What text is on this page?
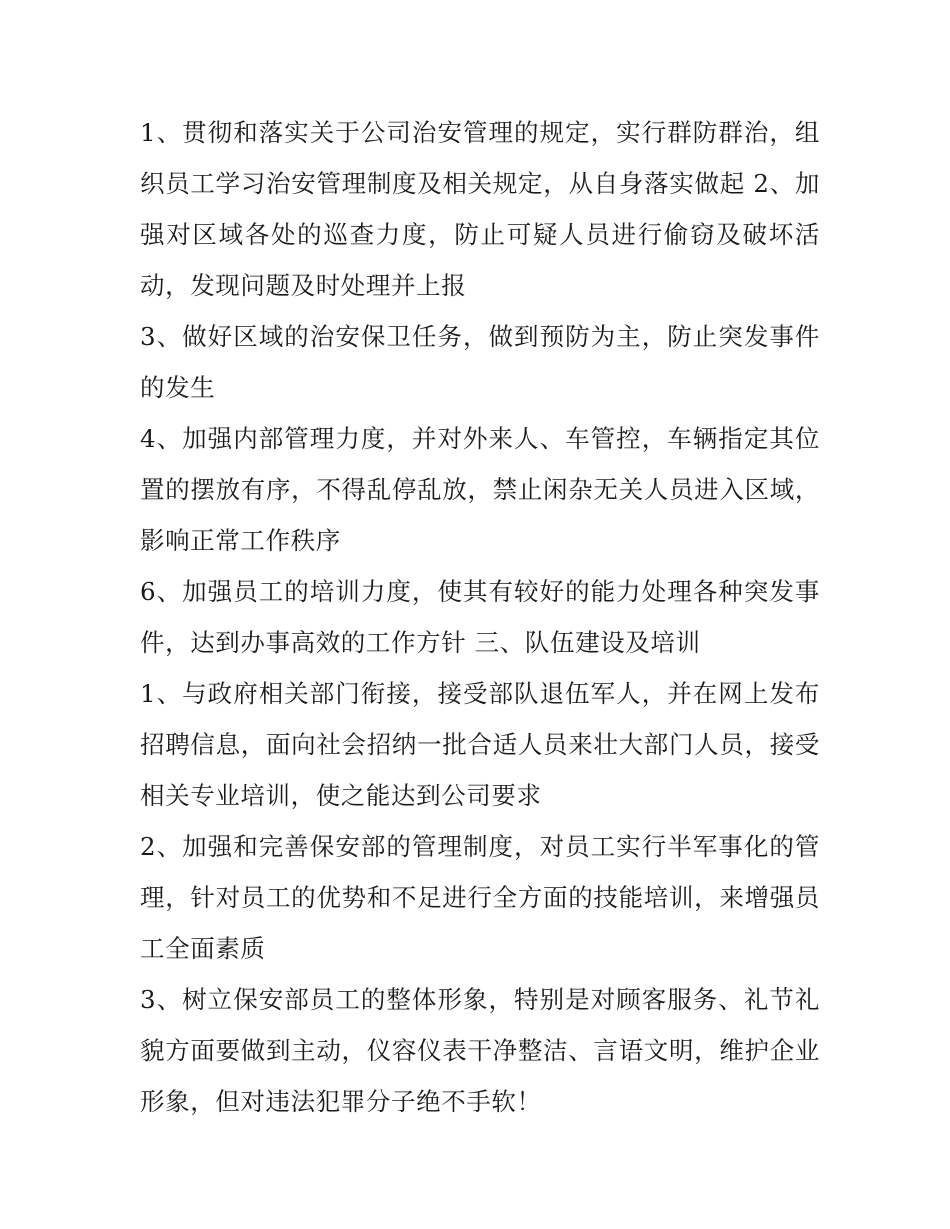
1、贯彻和落实关于公司治安管理的规定，实行群防群治，组织员工学习治安管理制度及相关规定，从自身落实做起 2、加强对区域各处的巡查力度，防止可疑人员进行偷窃及破坏活动，发现问题及时处理并上报

3、做好区域的治安保卫任务，做到预防为主，防止突发事件的发生

4、加强内部管理力度，并对外来人、车管控，车辆指定其位置的摆放有序，不得乱停乱放，禁止闲杂无关人员进入区域，影响正常工作秩序

6、加强员工的培训力度，使其有较好的能力处理各种突发事件，达到办事高效的工作方针 三、队伍建设及培训

1、与政府相关部门衔接，接受部队退伍军人，并在网上发布招聘信息，面向社会招纳一批合适人员来壮大部门人员，接受相关专业培训，使之能达到公司要求

2、加强和完善保安部的管理制度，对员工实行半军事化的管理，针对员工的优势和不足进行全方面的技能培训，来增强员工全面素质

3、树立保安部员工的整体形象，特别是对顾客服务、礼节礼貌方面要做到主动，仪容仪表干净整洁、言语文明，维护企业形象，但对违法犯罪分子绝不手软！
